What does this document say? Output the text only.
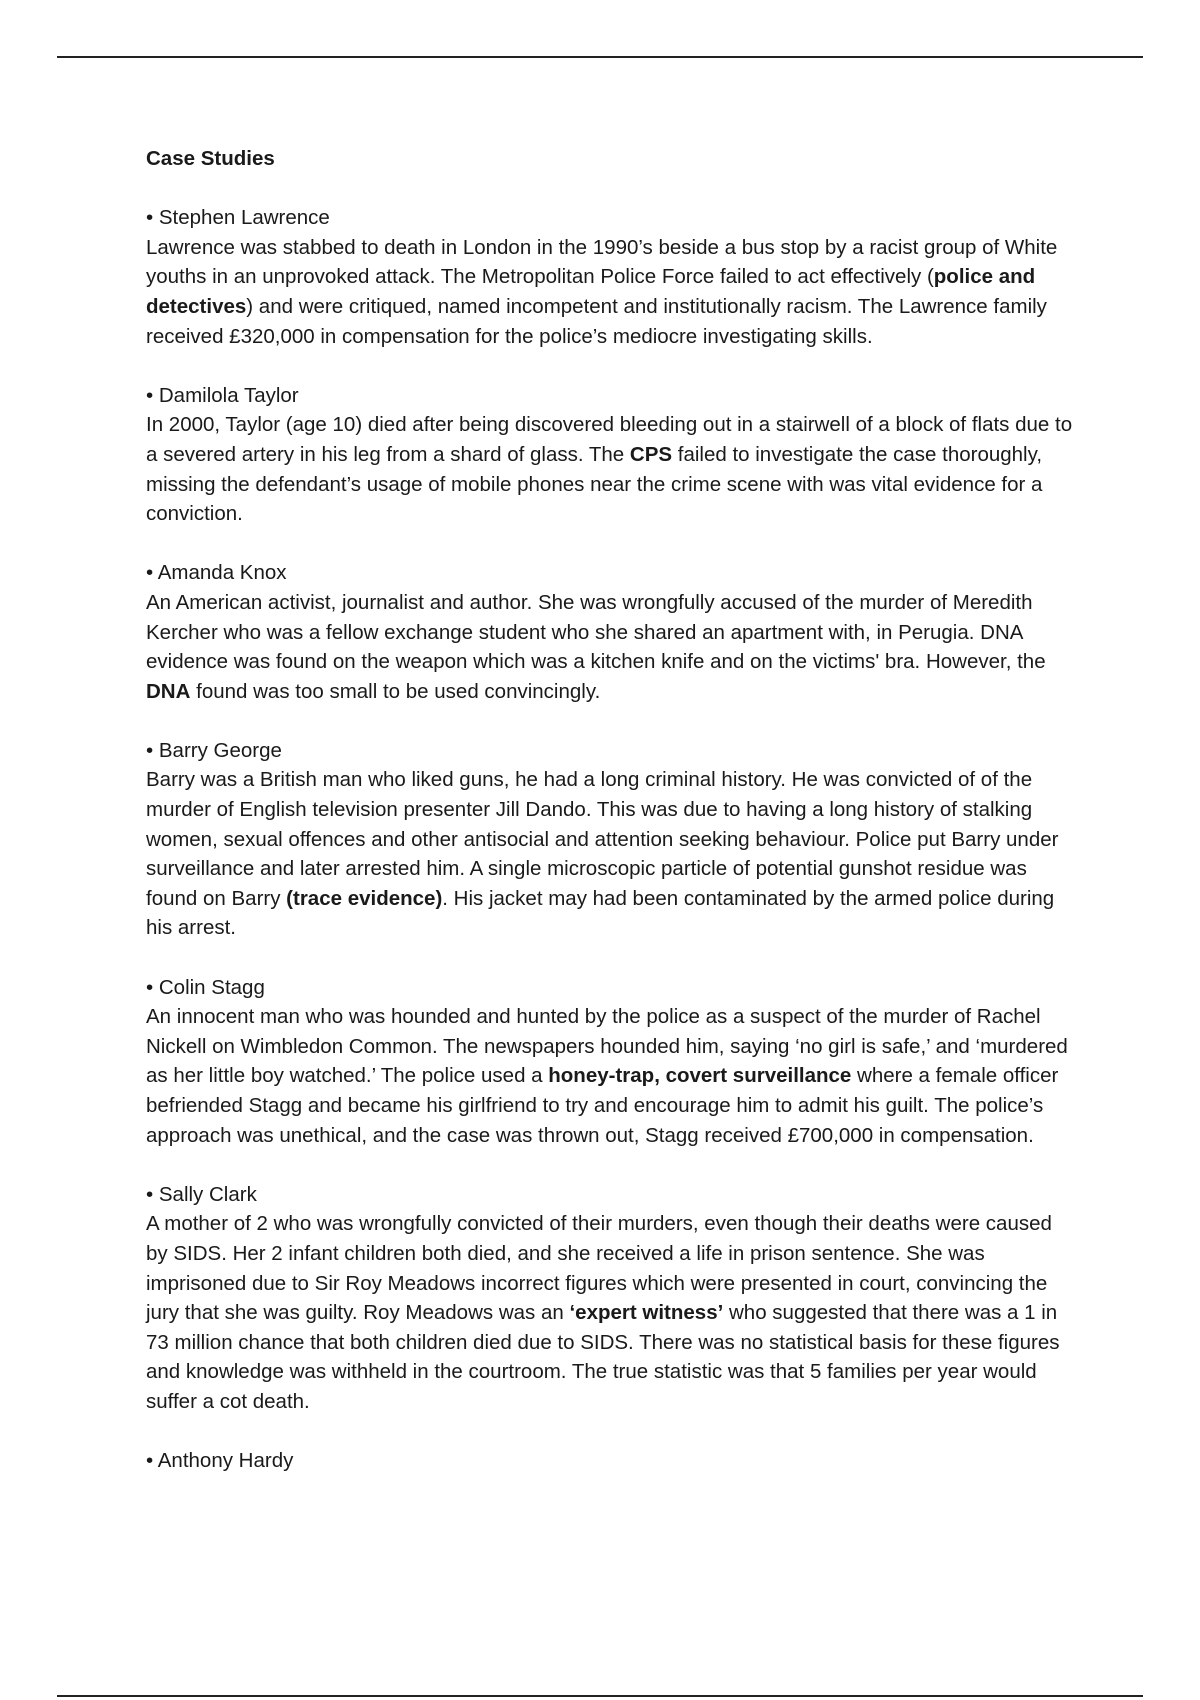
Case Studies
• Stephen Lawrence
Lawrence was stabbed to death in London in the 1990’s beside a bus stop by a racist group of White youths in an unprovoked attack. The Metropolitan Police Force failed to act effectively (police and detectives) and were critiqued, named incompetent and institutionally racism. The Lawrence family received £320,000 in compensation for the police’s mediocre investigating skills.
• Damilola Taylor
In 2000, Taylor (age 10) died after being discovered bleeding out in a stairwell of a block of flats due to a severed artery in his leg from a shard of glass. The CPS failed to investigate the case thoroughly, missing the defendant’s usage of mobile phones near the crime scene with was vital evidence for a conviction.
• Amanda Knox
An American activist, journalist and author. She was wrongfully accused of the murder of Meredith Kercher who was a fellow exchange student who she shared an apartment with, in Perugia. DNA evidence was found on the weapon which was a kitchen knife and on the victims' bra. However, the DNA found was too small to be used convincingly.
• Barry George
Barry was a British man who liked guns, he had a long criminal history. He was convicted of of the murder of English television presenter Jill Dando. This was due to having a long history of stalking women, sexual offences and other antisocial and attention seeking behaviour. Police put Barry under surveillance and later arrested him. A single microscopic particle of potential gunshot residue was found on Barry (trace evidence). His jacket may had been contaminated by the armed police during his arrest.
• Colin Stagg
An innocent man who was hounded and hunted by the police as a suspect of the murder of Rachel Nickell on Wimbledon Common. The newspapers hounded him, saying ‘no girl is safe,’ and ‘murdered as her little boy watched.’ The police used a honey-trap, covert surveillance where a female officer befriended Stagg and became his girlfriend to try and encourage him to admit his guilt. The police’s approach was unethical, and the case was thrown out, Stagg received £700,000 in compensation.
• Sally Clark
A mother of 2 who was wrongfully convicted of their murders, even though their deaths were caused by SIDS. Her 2 infant children both died, and she received a life in prison sentence. She was imprisoned due to Sir Roy Meadows incorrect figures which were presented in court, convincing the jury that she was guilty. Roy Meadows was an ‘expert witness’ who suggested that there was a 1 in 73 million chance that both children died due to SIDS. There was no statistical basis for these figures and knowledge was withheld in the courtroom. The true statistic was that 5 families per year would suffer a cot death.
• Anthony Hardy
